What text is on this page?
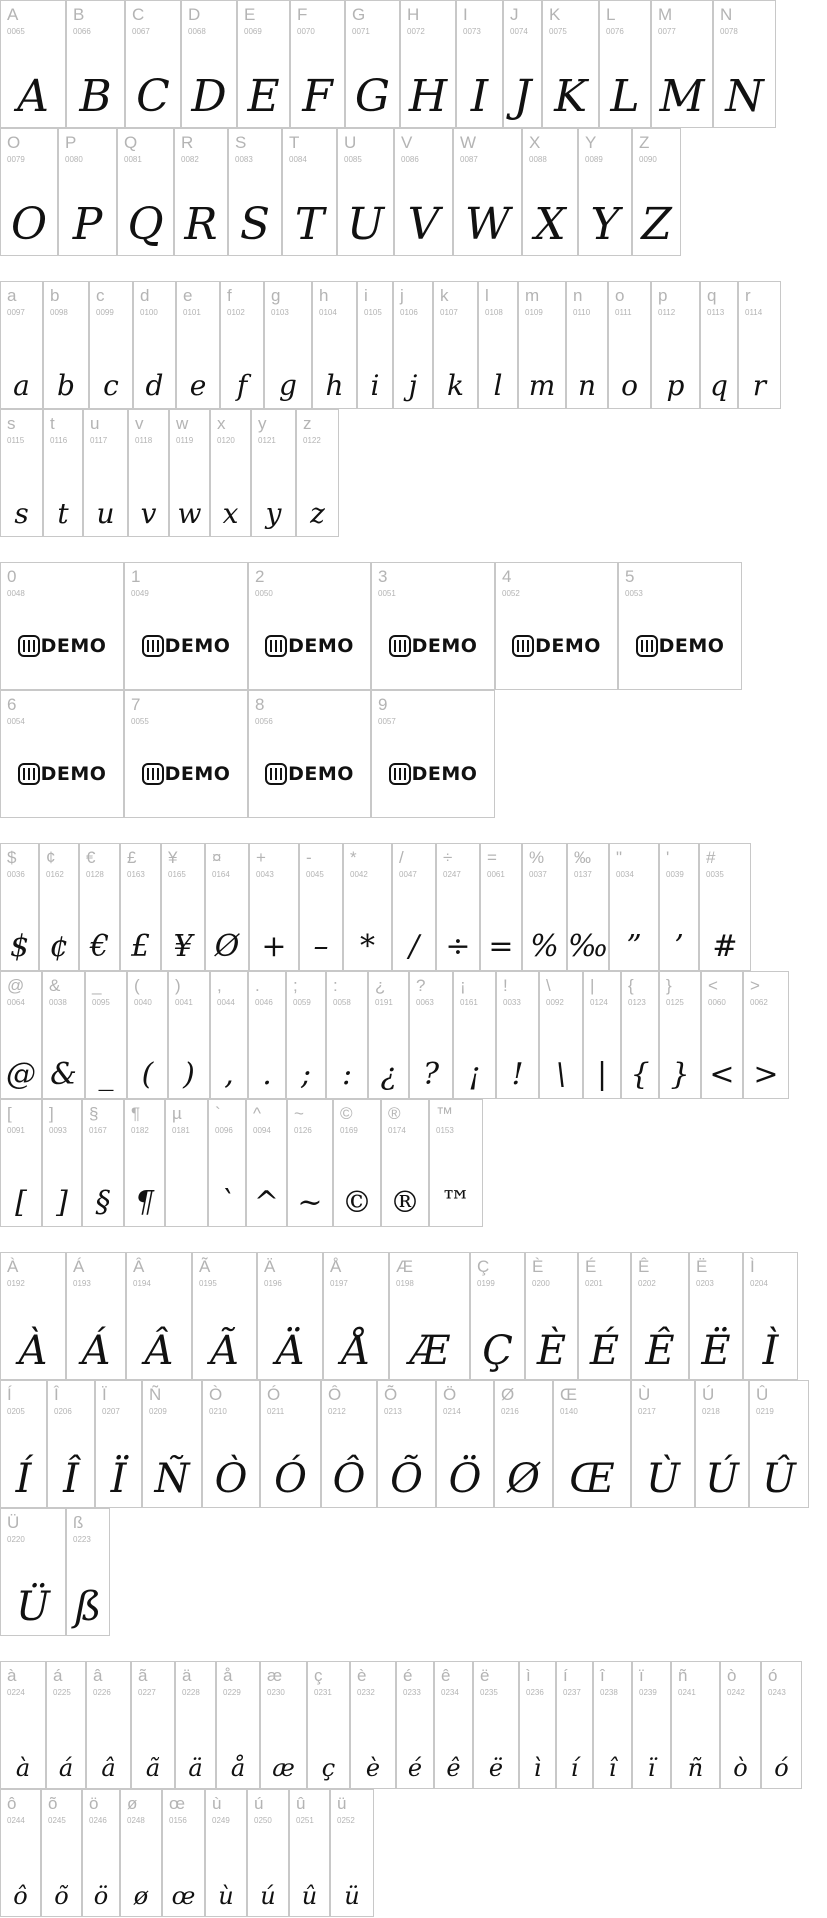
A
0065
A
B
0066
B
C
0067
C
D
0068
D
E
0069
E
F
0070
F
G
0071
G
H
0072
H
I
0073
I
J
0074
J
K
0075
K
L
0076
L
M
0077
M
N
0078
N
O
0079
O
P
0080
P
Q
0081
Q
R
0082
R
S
0083
S
T
0084
T
U
0085
U
V
0086
V
W
0087
W
X
0088
X
Y
0089
Y
Z
0090
Z
a
0097
a
b
0098
b
c
0099
c
d
0100
d
e
0101
e
f
0102
f
g
0103
g
h
0104
h
i
0105
i
j
0106
j
k
0107
k
l
0108
l
m
0109
m
n
0110
n
o
0111
o
p
0112
p
q
0113
q
r
0114
r
s
0115
s
t
0116
t
u
0117
u
v
0118
v
w
0119
w
x
0120
x
y
0121
y
z
0122
z
0
0048
DEMO
1
0049
DEMO
2
0050
DEMO
3
0051
DEMO
4
0052
DEMO
5
0053
DEMO
6
0054
DEMO
7
0055
DEMO
8
0056
DEMO
9
0057
DEMO
$
0036
$
¢
0162
¢
€
0128
€
£
0163
£
¥
0165
¥
¤
0164
Ø
+
0043
+
-
0045
–
*
0042
*
/
0047
/
÷
0247
÷
=
0061
=
%
0037
%
‰
0137
‰
"
0034
”
'
0039
’
#
0035
#
@
0064
@
&
0038
&
_
0095
_
(
0040
(
)
0041
)
,
0044
,
.
0046
.
;
0059
;
:
0058
:
¿
0191
¿
?
0063
?
¡
0161
¡
!
0033
!
\
0092
\
|
0124
|
{
0123
{
}
0125
}
<
0060
<
>
0062
>
[
0091
[
]
0093
]
§
0167
§
¶
0182
¶
µ
0181
`
0096
`
^
0094
^
~
0126
~
©
0169
©
®
0174
®
™
0153
™
À
0192
À
Á
0193
Á
Â
0194
Â
Ã
0195
Ã
Ä
0196
Ä
Å
0197
Å
Æ
0198
Æ
Ç
0199
Ç
È
0200
È
É
0201
É
Ê
0202
Ê
Ë
0203
Ë
Ì
0204
Ì
Í
0205
Í
Î
0206
Î
Ï
0207
Ï
Ñ
0209
Ñ
Ò
0210
Ò
Ó
0211
Ó
Ô
0212
Ô
Õ
0213
Õ
Ö
0214
Ö
Ø
0216
Ø
Œ
0140
Œ
Ù
0217
Ù
Ú
0218
Ú
Û
0219
Û
Ü
0220
Ü
ß
0223
ß
à
0224
à
á
0225
á
â
0226
â
ã
0227
ã
ä
0228
ä
å
0229
å
æ
0230
æ
ç
0231
ç
è
0232
è
é
0233
é
ê
0234
ê
ë
0235
ë
ì
0236
ì
í
0237
í
î
0238
î
ï
0239
ï
ñ
0241
ñ
ò
0242
ò
ó
0243
ó
ô
0244
ô
õ
0245
õ
ö
0246
ö
ø
0248
ø
œ
0156
œ
ù
0249
ù
ú
0250
ú
û
0251
û
ü
0252
ü
